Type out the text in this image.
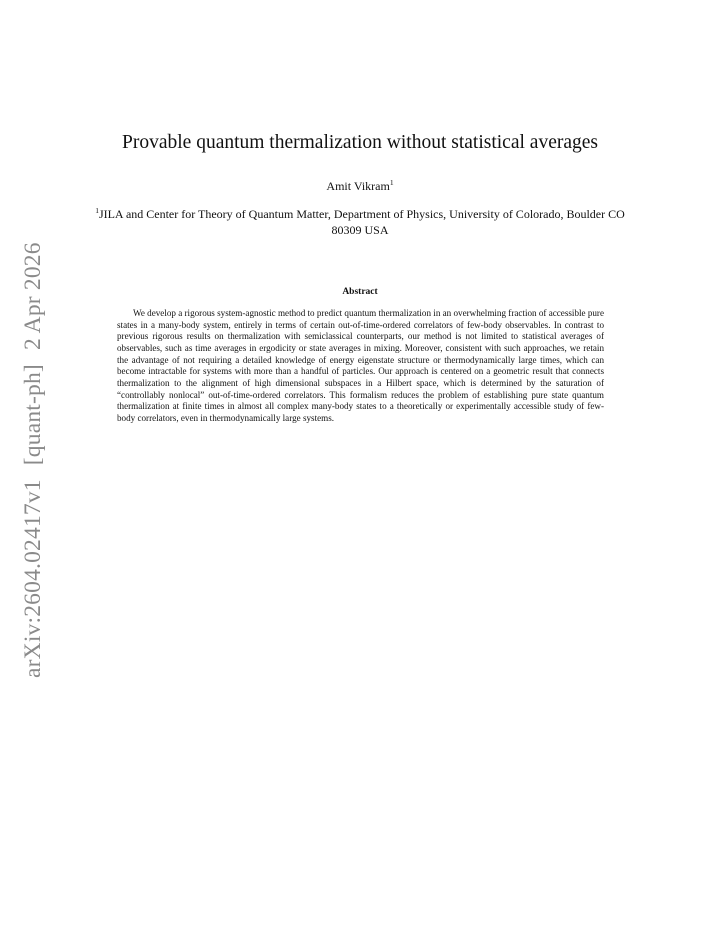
arXiv:2604.02417v1[quant-ph]2 Apr 2026
Provable quantum thermalization without statistical averages
Amit Vikram$^1$
$^1$JILA and Center for Theory of Quantum Matter, Department of Physics, University of Colorado, Boulder CO 80309 USA
Abstract

We develop a rigorous system-agnostic method to predict quantum thermalization in an overwhelming fraction of accessible pure states in a many-body system, entirely in terms of certain out-of-time-ordered correlators of few-body observables. In contrast to previous rigorous results on thermalization with semiclassical counterparts, our method is not limited to statistical averages of observables, such as time averages in ergodicity or state averages in mixing. Moreover, consistent with such approaches, we retain the advantage of not requiring a detailed knowledge of energy eigenstate structure or thermodynamically large times, which can become intractable for systems with more than a handful of particles. Our approach is centered on a geometric result that connects thermalization to the alignment of high dimensional subspaces in a Hilbert space, which is determined by the saturation of “controllably nonlocal” out-of-time-ordered correlators. This formalism reduces the problem of establishing pure state quantum thermalization at finite times in almost all complex many-body states to a theoretically or experimentally accessible study of few-body correlators, even in thermodynamically large systems.
